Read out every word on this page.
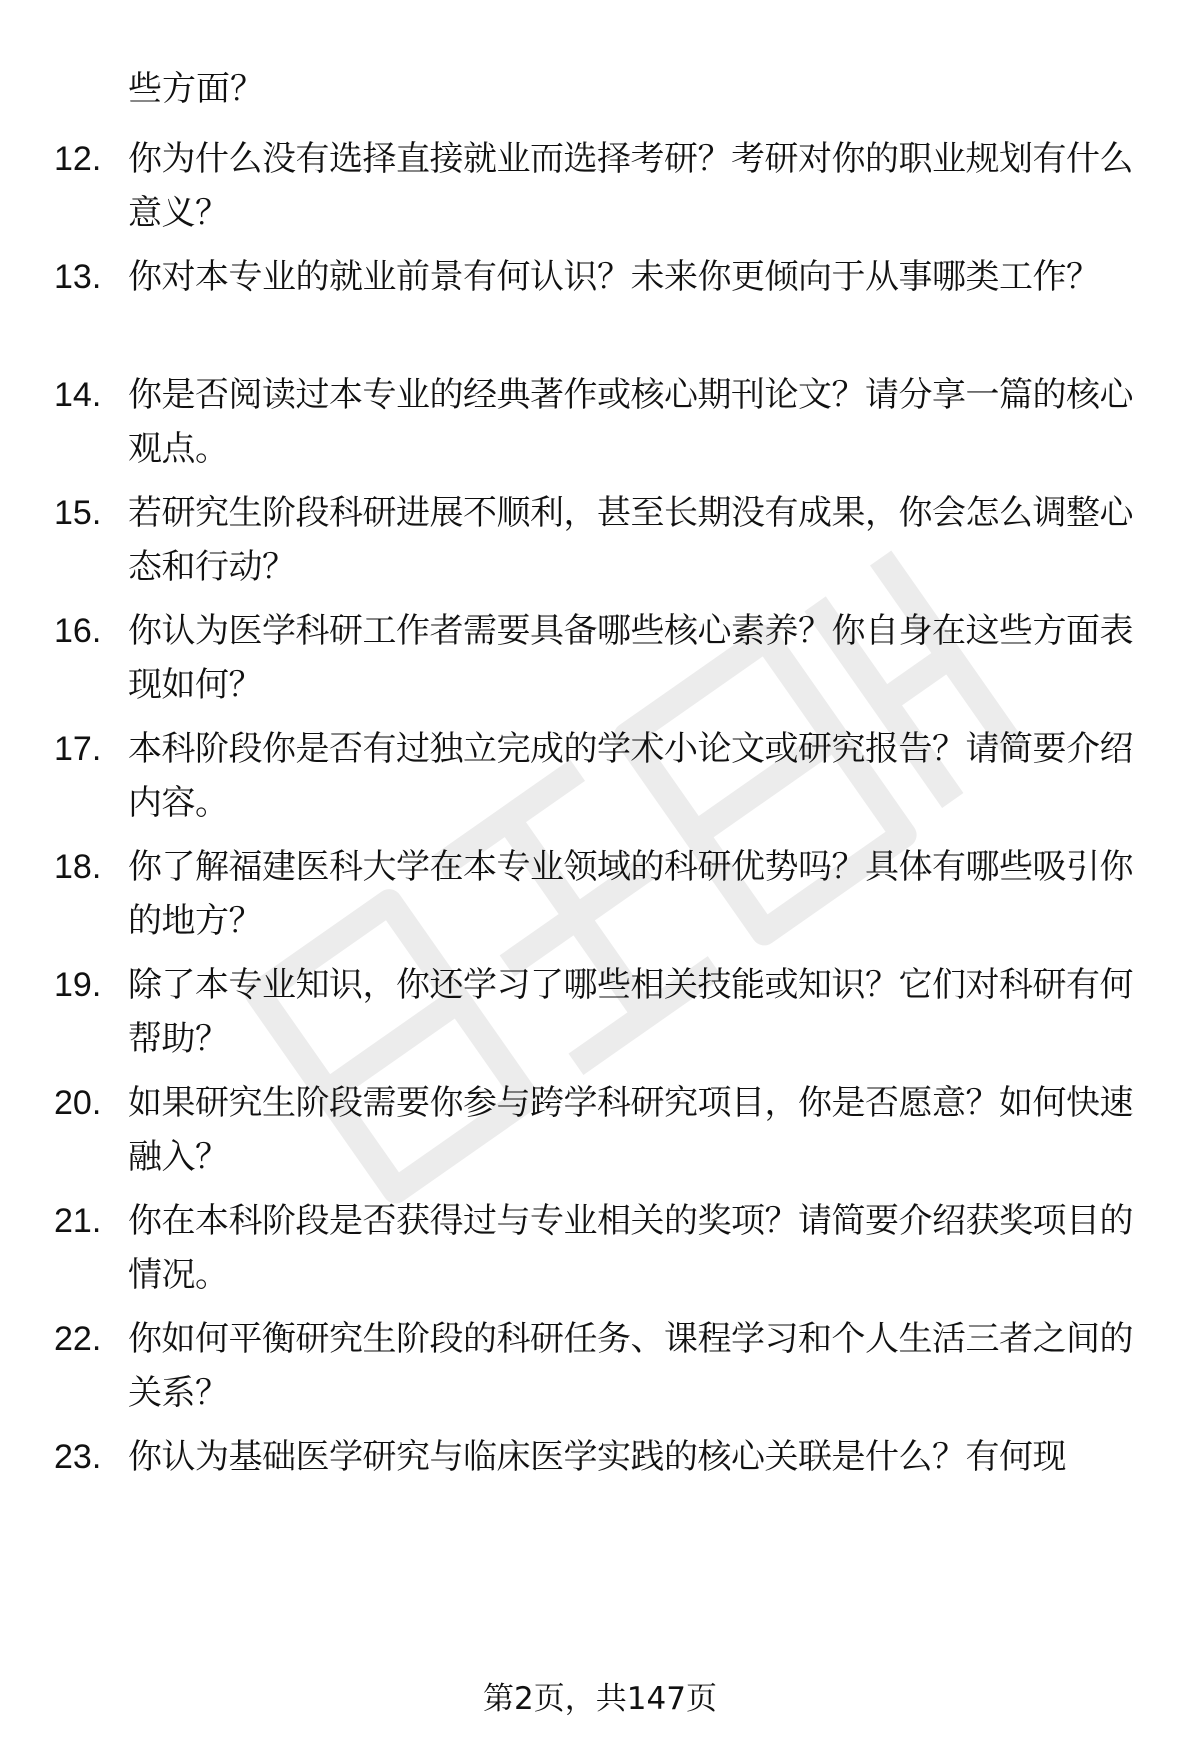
些方面？
12. 你为什么没有选择直接就业而选择考研？考研对你的职业规划有什么意义？
13. 你对本专业的就业前景有何认识？未来你更倾向于从事哪类工作？
14. 你是否阅读过本专业的经典著作或核心期刊论文？请分享一篇的核心观点。
15. 若研究生阶段科研进展不顺利，甚至长期没有成果，你会怎么调整心态和行动？
16. 你认为医学科研工作者需要具备哪些核心素养？你自身在这些方面表现如何？
17. 本科阶段你是否有过独立完成的学术小论文或研究报告？请简要介绍内容。
18. 你了解福建医科大学在本专业领域的科研优势吗？具体有哪些吸引你的地方？
19. 除了本专业知识，你还学习了哪些相关技能或知识？它们对科研有何帮助？
20. 如果研究生阶段需要你参与跨学科研究项目，你是否愿意？如何快速融入？
21. 你在本科阶段是否获得过与专业相关的奖项？请简要介绍获奖项目的情况。
22. 你如何平衡研究生阶段的科研任务、课程学习和个人生活三者之间的关系？
23. 你认为基础医学研究与临床医学实践的核心关联是什么？有何现
第2页，共147页
